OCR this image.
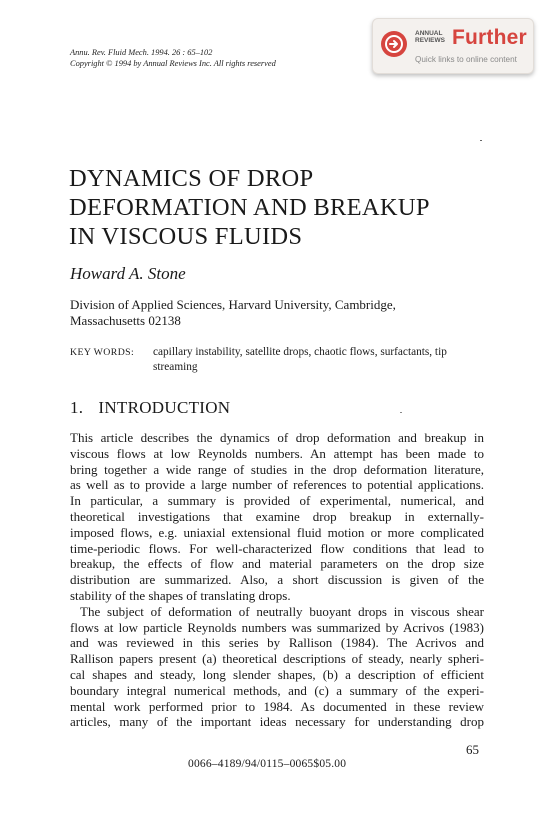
Annu. Rev. Fluid Mech. 1994. 26 : 65–102
Copyright © 1994 by Annual Reviews Inc. All rights reserved
ANNUAL REVIEWS Further
Quick links to online content
DYNAMICS OF DROP
DEFORMATION AND BREAKUP
IN VISCOUS FLUIDS
Howard A. Stone
Division of Applied Sciences, Harvard University, Cambridge,
Massachusetts 02138
KEY WORDS: capillary instability, satellite drops, chaotic flows, surfactants, tip
streaming
1. INTRODUCTION
This article describes the dynamics of drop deformation and breakup in
viscous flows at low Reynolds numbers. An attempt has been made to
bring together a wide range of studies in the drop deformation literature,
as well as to provide a large number of references to potential applications.
In particular, a summary is provided of experimental, numerical, and
theoretical investigations that examine drop breakup in externally-
imposed flows, e.g. uniaxial extensional fluid motion or more complicated
time-periodic flows. For well-characterized flow conditions that lead to
breakup, the effects of flow and material parameters on the drop size
distribution are summarized. Also, a short discussion is given of the
stability of the shapes of translating drops.
The subject of deformation of neutrally buoyant drops in viscous shear
flows at low particle Reynolds numbers was summarized by Acrivos (1983)
and was reviewed in this series by Rallison (1984). The Acrivos and
Rallison papers present (a) theoretical descriptions of steady, nearly spheri-
cal shapes and steady, long slender shapes, (b) a description of efficient
boundary integral numerical methods, and (c) a summary of the experi-
mental work performed prior to 1984. As documented in these review
articles, many of the important ideas necessary for understanding drop
65
0066–4189/94/0115–0065$05.00
